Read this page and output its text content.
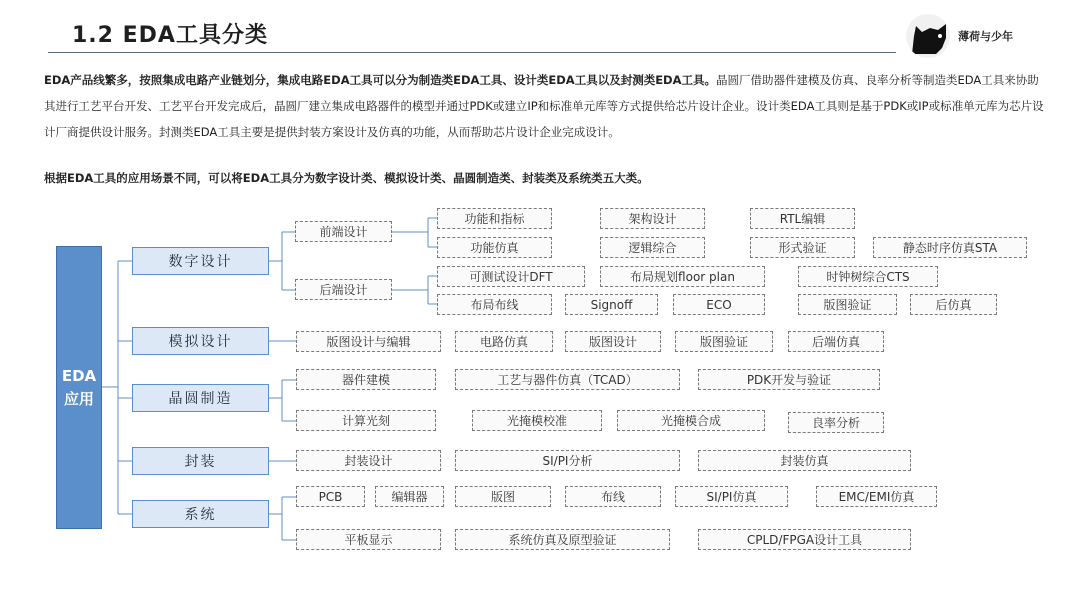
1.2 EDA工具分类	薄荷与少年

EDA产品线繁多，按照集成电路产业链划分，集成电路EDA工具可以分为制造类EDA工具、设计类EDA工具以及封测类EDA工具。晶圆厂借助器件建模及仿真、良率分析等制造类EDA工具来协助其进行工艺平台开发、工艺平台开发完成后，晶圆厂建立集成电路器件的模型并通过PDK或建立IP和标准单元库等方式提供给芯片设计企业。设计类EDA工具则是基于PDK或IP或标准单元库为芯片设计厂商提供设计服务。封测类EDA工具主要是提供封装方案设计及仿真的功能，从而帮助芯片设计企业完成设计。

根据EDA工具的应用场景不同，可以将EDA工具分为数字设计类、模拟设计类、晶圆制造类、封装类及系统类五大类。

EDA应用
数字设计
模拟设计
晶圆制造
封装
系统
前端设计
后端设计
功能和指标	架构设计	RTL编辑
功能仿真	逻辑综合	形式验证	静态时序仿真STA
可测试设计DFT	布局规划floor plan	时钟树综合CTS
布局布线	Signoff	ECO	版图验证	后仿真
版图设计与编辑	电路仿真	版图设计	版图验证	后端仿真
器件建模	工艺与器件仿真（TCAD）	PDK开发与验证
计算光刻	光掩模校准	光掩模合成	良率分析
封装设计	SI/PI分析	封装仿真
PCB	编辑器	版图	布线	SI/PI仿真	EMC/EMI仿真
平板显示	系统仿真及原型验证	CPLD/FPGA设计工具
